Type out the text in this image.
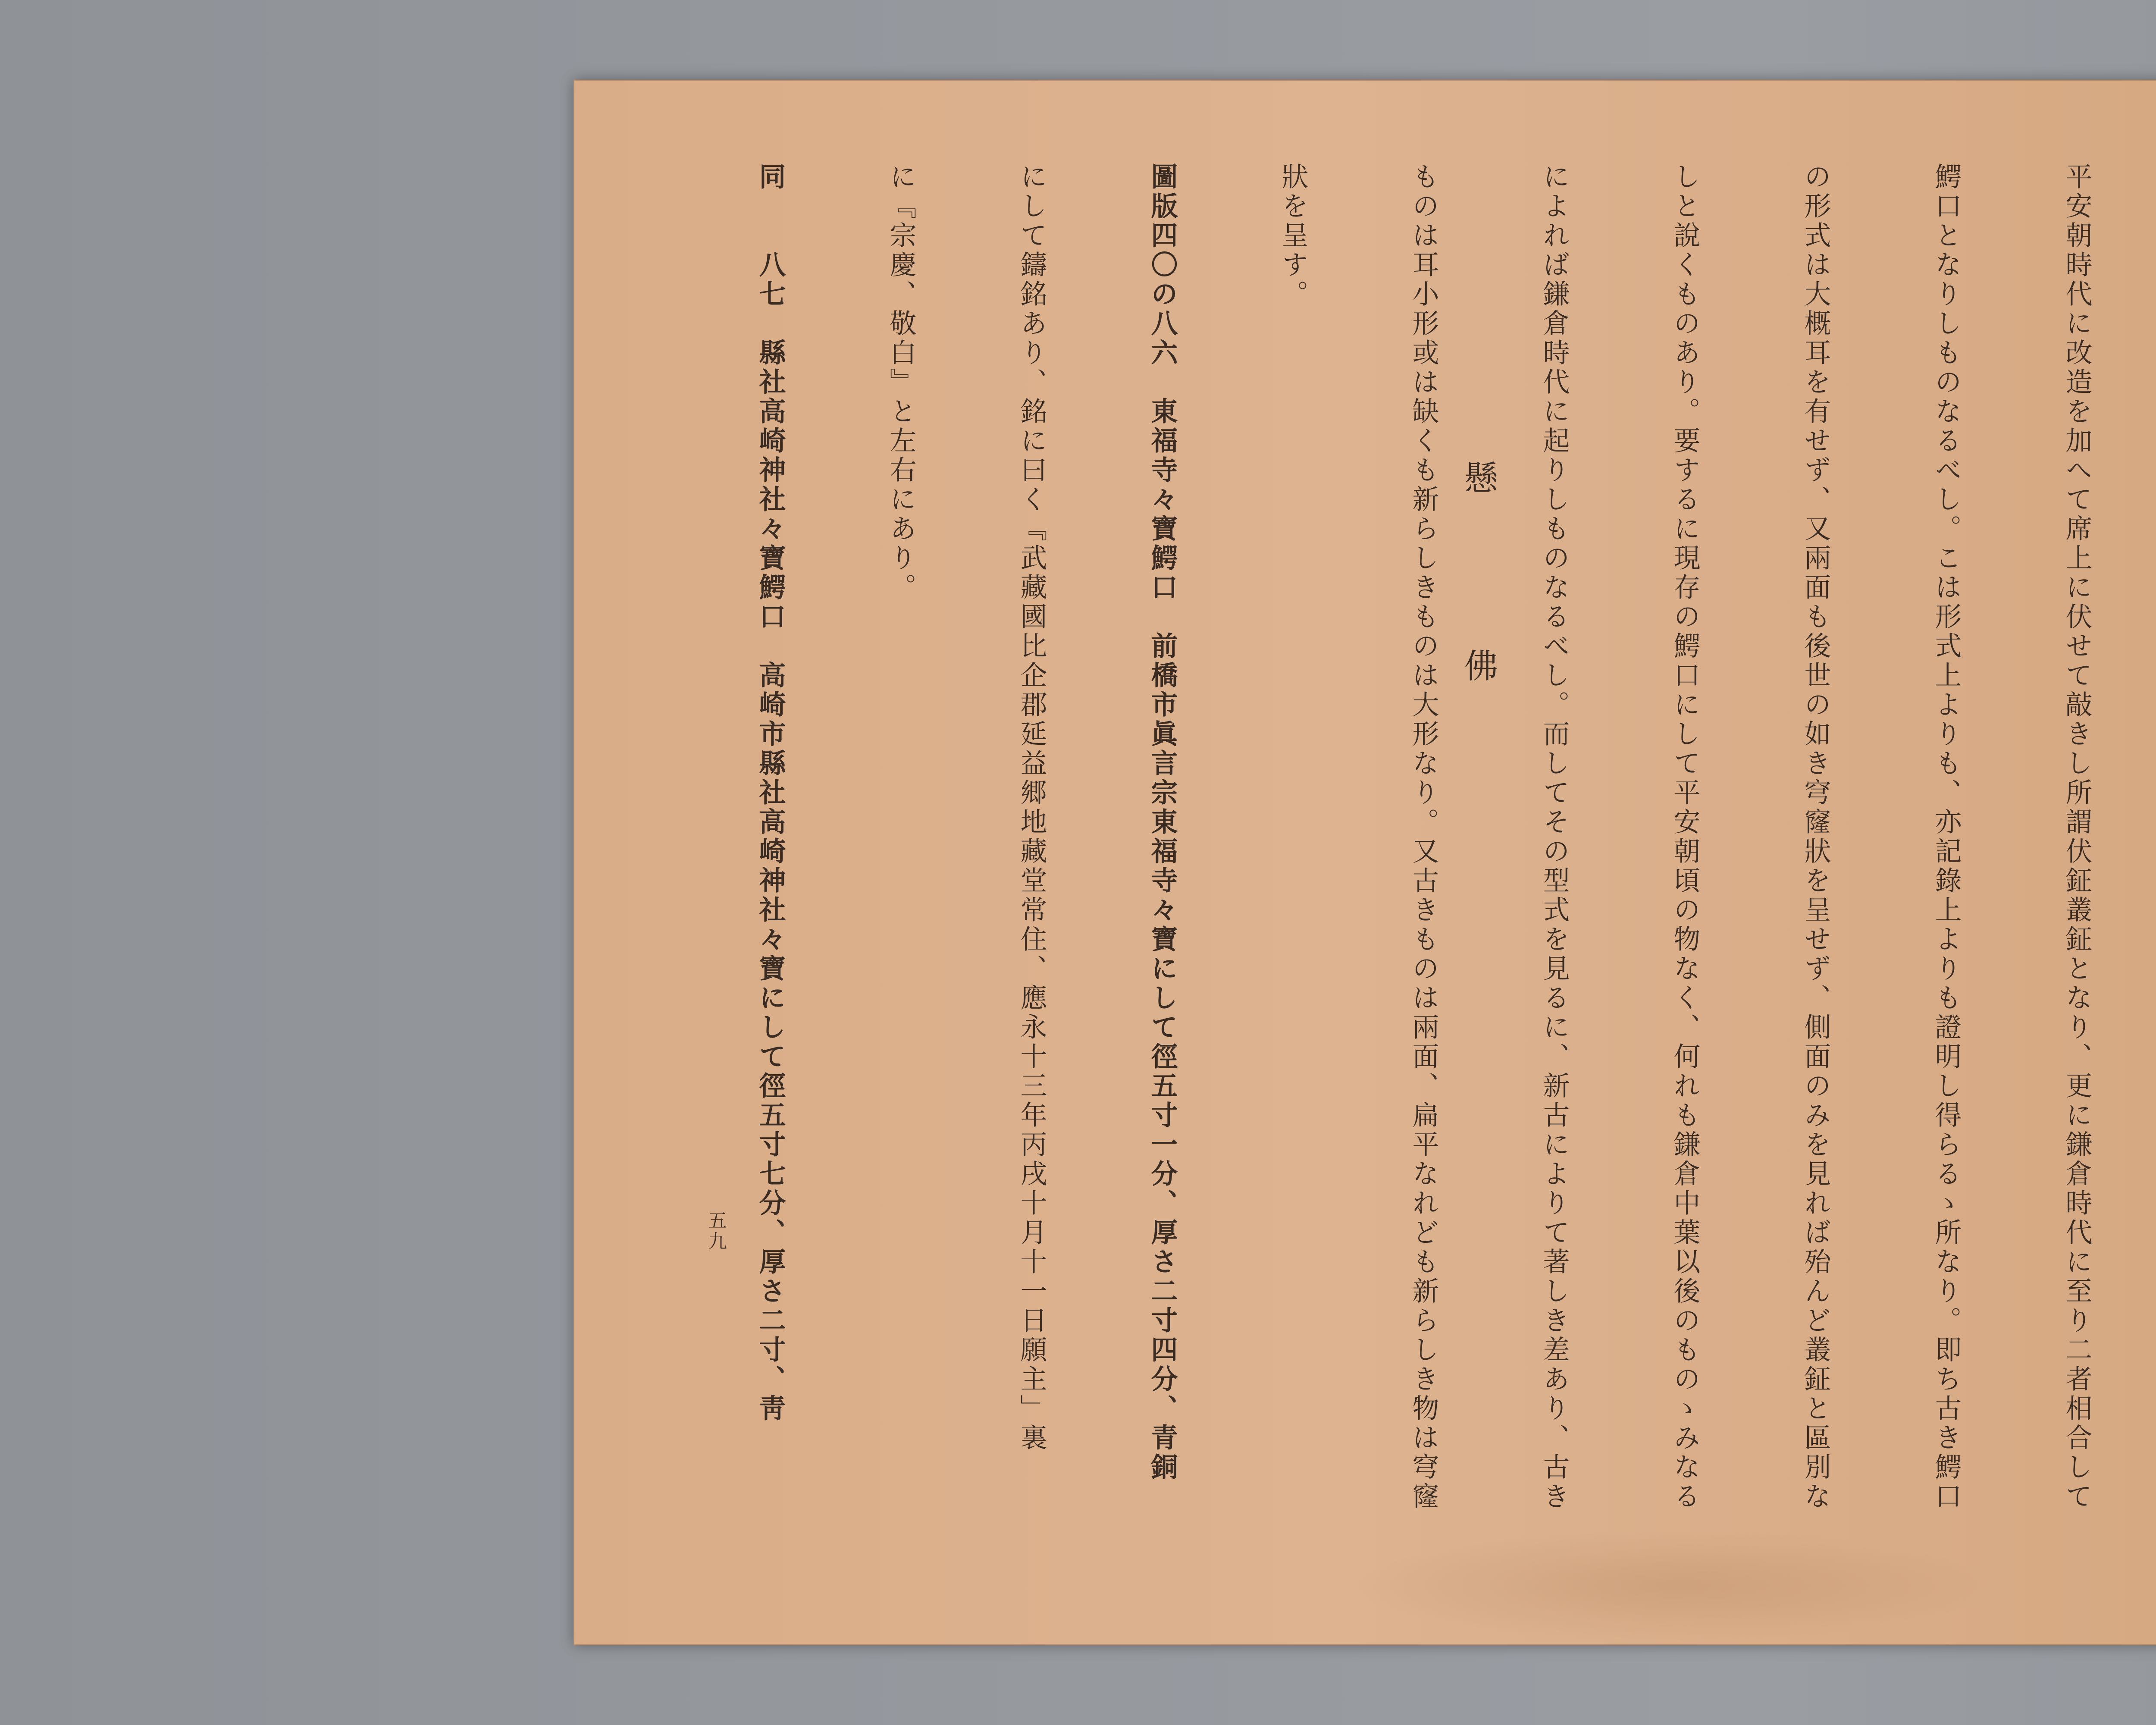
平安朝時代に改造を加へて席上に伏せて敲きし所謂伏鉦叢鉦となり、更に鎌倉時代に至り二者相合して

鰐口となりしものなるべし。こは形式上よりも、亦記錄上よりも證明し得らるゝ所なり。即ち古き鰐口

の形式は大概耳を有せず、又兩面も後世の如き穹窿狀を呈せず、側面のみを見れば殆んど叢鉦と區別な

しと說くものあり。要するに現存の鰐口にして平安朝頃の物なく、何れも鎌倉中葉以後のものゝみなる

によれば鎌倉時代に起りしものなるべし。而してその型式を見るに、新古によりて著しき差あり、古き

ものは耳小形或は缺くも新らしきものは大形なり。又古きものは兩面、扁平なれども新らしき物は穹窿

狀を呈す。

圖版四〇の八六　東福寺々寶鰐口　前橋市眞言宗東福寺々寶にして徑五寸一分、厚さ二寸四分、青銅

にして鑄銘あり、銘に曰く『武藏國比企郡延益郷地藏堂常住、應永十三年丙戌十月十一日願主」裏

に『宗慶、敬白』と左右にあり。

同　　八七　縣社高崎神社々寶鰐口　高崎市縣社高崎神社々寶にして徑五寸七分、厚さ二寸、靑

	懸　佛
五九
